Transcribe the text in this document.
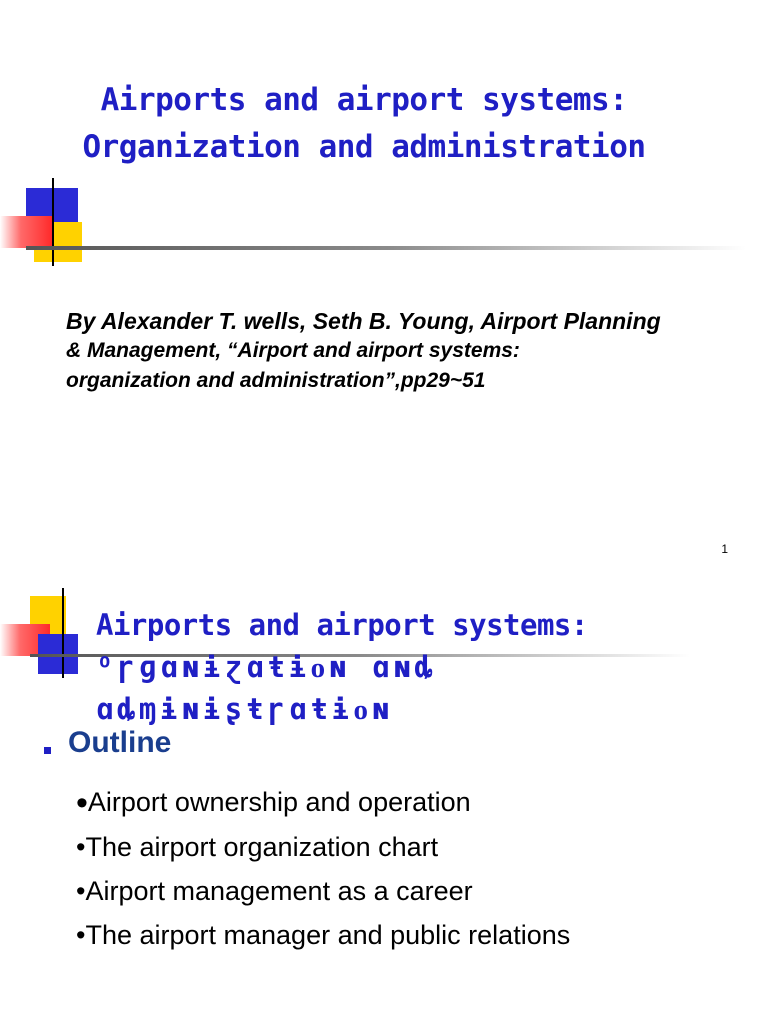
Airports and airport systems:
Organization and administration
By Alexander T. wells, Seth B. Young, Airport Planning
& Management, “Airport and airport systems:
organization and administration”,pp29~51
1
Airports and airport systems:
ᴼɼɡɑɴɨɀɑŧɨᴏɴ ɑɴȡ
ɑȡɱɨɴɨʂŧɼɑŧɨᴏɴ
Outline
•Airport ownership and operation
•The airport organization chart
•Airport management as a career
•The airport manager and public relations
